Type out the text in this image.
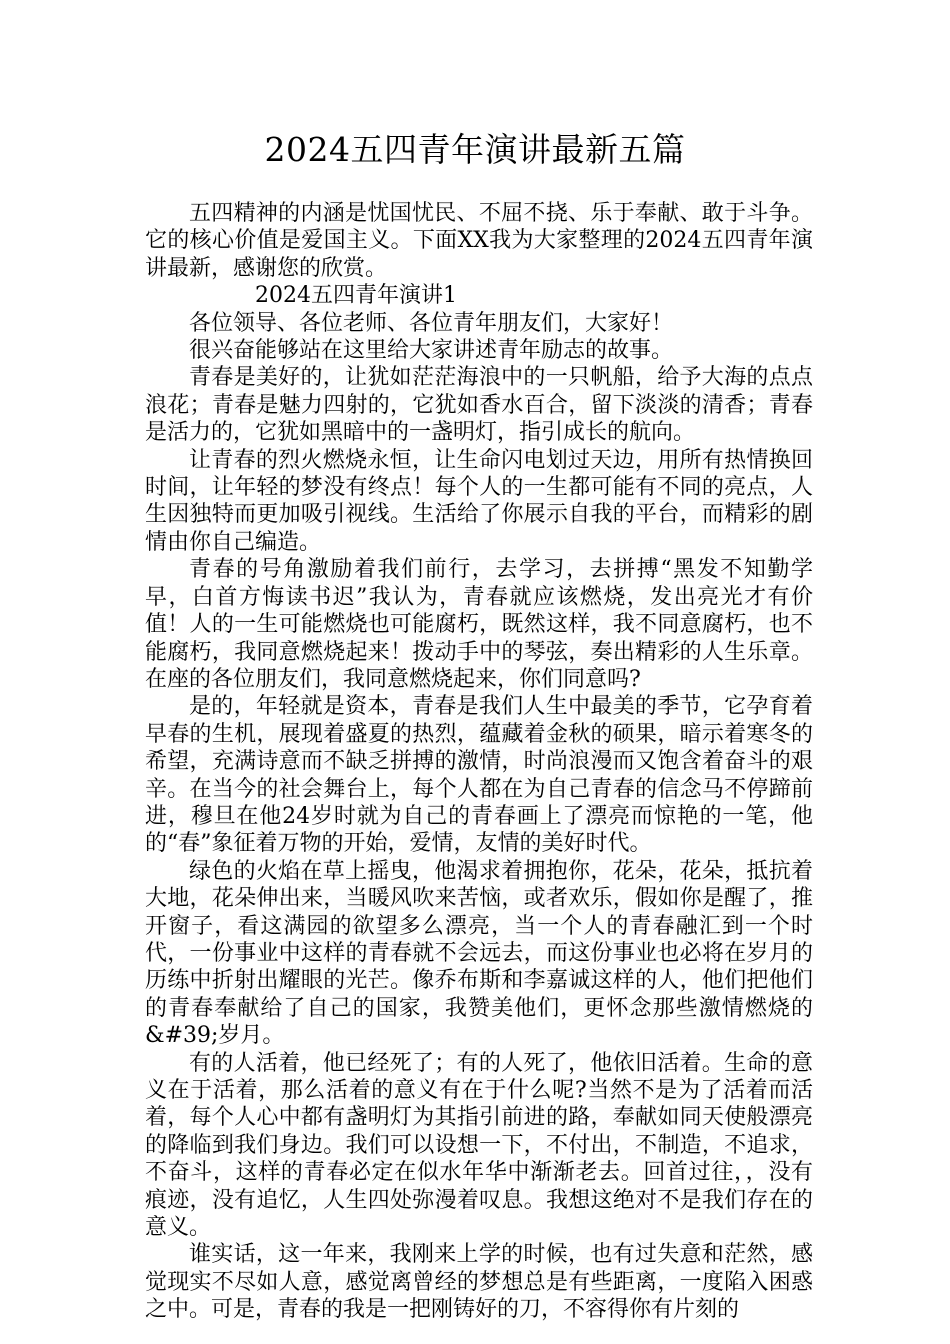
2024五四青年演讲最新五篇

五四精神的内涵是忧国忧民、不屈不挠、乐于奉献、敢于斗争。它的核心价值是爱国主义。下面XX我为大家整理的2024五四青年演讲最新，感谢您的欣赏。

2024五四青年演讲1

各位领导、各位老师、各位青年朋友们，大家好！

很兴奋能够站在这里给大家讲述青年励志的故事。

青春是美好的，让犹如茫茫海浪中的一只帆船，给予大海的点点浪花；青春是魅力四射的，它犹如香水百合，留下淡淡的清香；青春是活力的，它犹如黑暗中的一盏明灯，指引成长的航向。

让青春的烈火燃烧永恒，让生命闪电划过天边，用所有热情换回时间，让年轻的梦没有终点！每个人的一生都可能有不同的亮点，人生因独特而更加吸引视线。生活给了你展示自我的平台，而精彩的剧情由你自己编造。

青春的号角激励着我们前行，去学习，去拼搏“黑发不知勤学早，白首方悔读书迟”我认为，青春就应该燃烧，发出亮光才有价值！人的一生可能燃烧也可能腐朽，既然这样，我不同意腐朽，也不能腐朽，我同意燃烧起来！拨动手中的琴弦，奏出精彩的人生乐章。在座的各位朋友们，我同意燃烧起来，你们同意吗?

是的，年轻就是资本，青春是我们人生中最美的季节，它孕育着早春的生机，展现着盛夏的热烈，蕴藏着金秋的硕果，暗示着寒冬的希望，充满诗意而不缺乏拼搏的激情，时尚浪漫而又饱含着奋斗的艰辛。在当今的社会舞台上，每个人都在为自己青春的信念马不停蹄前进，穆旦在他24岁时就为自己的青春画上了漂亮而惊艳的一笔，他的“春”象征着万物的开始，爱情，友情的美好时代。

绿色的火焰在草上摇曳，他渴求着拥抱你，花朵，花朵，抵抗着大地，花朵伸出来，当暖风吹来苦恼，或者欢乐，假如你是醒了，推开窗子，看这满园的欲望多么漂亮，当一个人的青春融汇到一个时代，一份事业中这样的青春就不会远去，而这份事业也必将在岁月的历练中折射出耀眼的光芒。像乔布斯和李嘉诚这样的人，他们把他们的青春奉献给了自己的国家，我赞美他们，更怀念那些激情燃烧的&#39;岁月。

有的人活着，他已经死了；有的人死了，他依旧活着。生命的意义在于活着，那么活着的意义有在于什么呢?当然不是为了活着而活着，每个人心中都有盏明灯为其指引前进的路，奉献如同天使般漂亮的降临到我们身边。我们可以设想一下，不付出，不制造，不追求，不奋斗，这样的青春必定在似水年华中渐渐老去。回首过往，，没有痕迹，没有追忆，人生四处弥漫着叹息。我想这绝对不是我们存在的意义。

谁实话，这一年来，我刚来上学的时候，也有过失意和茫然，感觉现实不尽如人意，感觉离曾经的梦想总是有些距离，一度陷入困惑之中。可是，青春的我是一把刚铸好的刀，不容得你有片刻的
